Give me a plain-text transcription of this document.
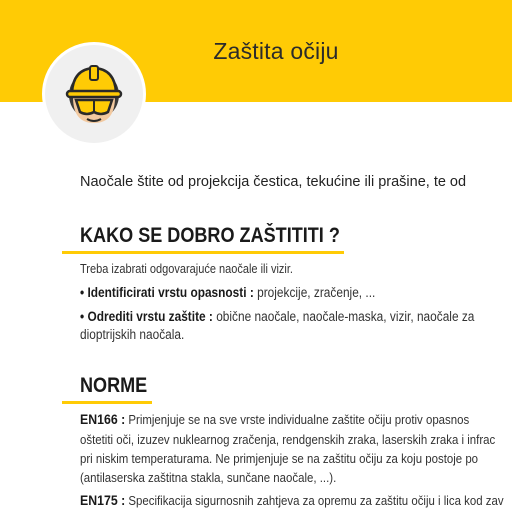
Zaštita očiju
Naočale štite od projekcija čestica, tekućine ili prašine, te od
KAKO SE DOBRO ZAŠTITITI ?
Treba izabrati odgovarajuće naočale ili vizir.
• Identificirati vrstu opasnosti : projekcije, zračenje, ...
• Odrediti vrstu zaštite : obične naočale, naočale-maska, vizir, naočale za
dioptrijskih naočala.
NORME
EN166 : Primjenjuje se na sve vrste individualne zaštite očiju protiv opasnos
oštetiti oči, izuzev nuklearnog zračenja, rendgenskih zraka, laserskih zraka i infrac
pri niskim temperaturama. Ne primjenjuje se na zaštitu očiju za koju postoje po
(antilaserska zaštitna stakla, sunčane naočale, ...).
EN175 : Specifikacija sigurnosnih zahtjeva za opremu za zaštitu očiju i lica kod zav
